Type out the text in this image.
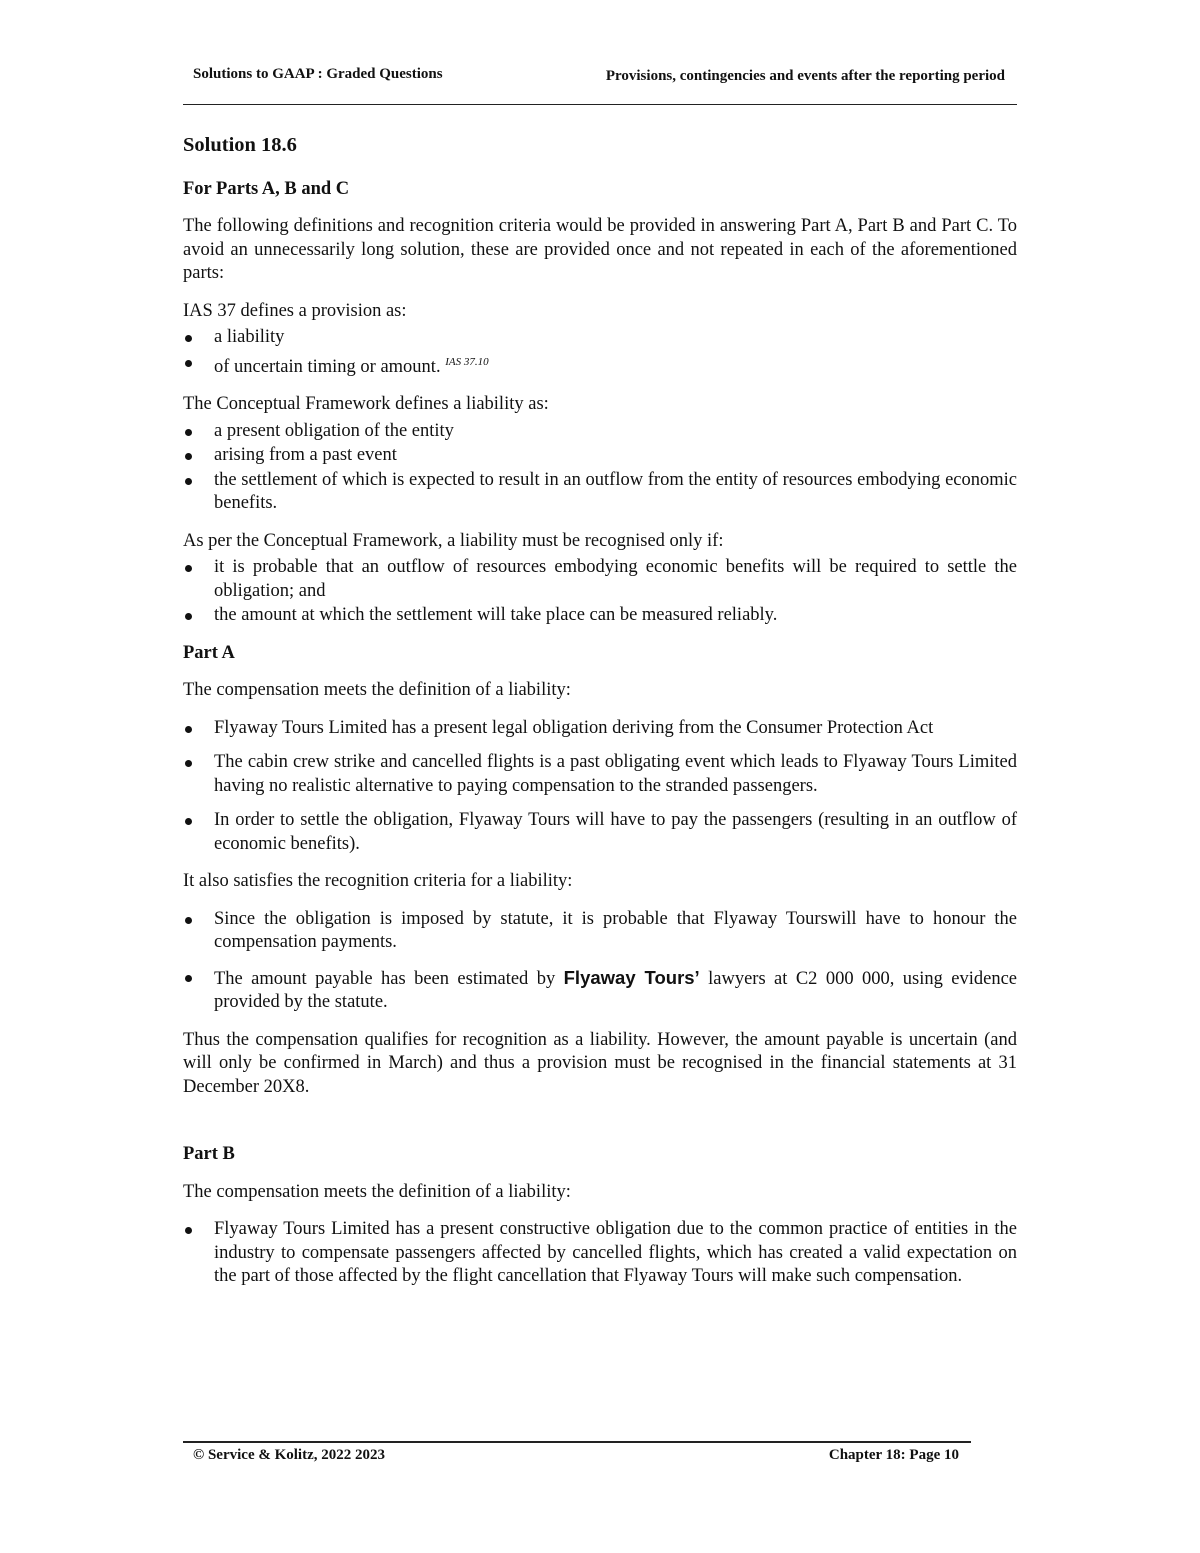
Solutions to GAAP : Graded Questions	Provisions, contingencies and events after the reporting period
Solution 18.6
For Parts A, B and C

The following definitions and recognition criteria would be provided in answering Part A, Part B and Part C. To avoid an unnecessarily long solution, these are provided once and not repeated in each of the aforementioned parts:

IAS 37 defines a provision as:

a liability
of uncertain timing or amount. $^{IAS 37.10}$

The Conceptual Framework defines a liability as:

a present obligation of the entity
arising from a past event
the settlement of which is expected to result in an outflow from the entity of resources embodying economic benefits.

As per the Conceptual Framework, a liability must be recognised only if:

it is probable that an outflow of resources embodying economic benefits will be required to settle the obligation; and
the amount at which the settlement will take place can be measured reliably.
Part A

The compensation meets the definition of a liability:

Flyaway Tours Limited has a present legal obligation deriving from the Consumer Protection Act
The cabin crew strike and cancelled flights is a past obligating event which leads to Flyaway Tours Limited having no realistic alternative to paying compensation to the stranded passengers.
In order to settle the obligation, Flyaway Tours will have to pay the passengers (resulting in an outflow of economic benefits).

It also satisfies the recognition criteria for a liability:

Since the obligation is imposed by statute, it is probable that Flyaway Tourswill have to honour the compensation payments.
The amount payable has been estimated by Flyaway Tours’ lawyers at C2 000 000, using evidence provided by the statute.

Thus the compensation qualifies for recognition as a liability. However, the amount payable is uncertain (and will only be confirmed in March) and thus a provision must be recognised in the financial statements at 31 December 20X8.

Part B

The compensation meets the definition of a liability:

Flyaway Tours Limited has a present constructive obligation due to the common practice of entities in the industry to compensate passengers affected by cancelled flights, which has created a valid expectation on the part of those affected by the flight cancellation that Flyaway Tours will make such compensation.
© Service & Kolitz, 2022 2023	Chapter 18: Page 10
